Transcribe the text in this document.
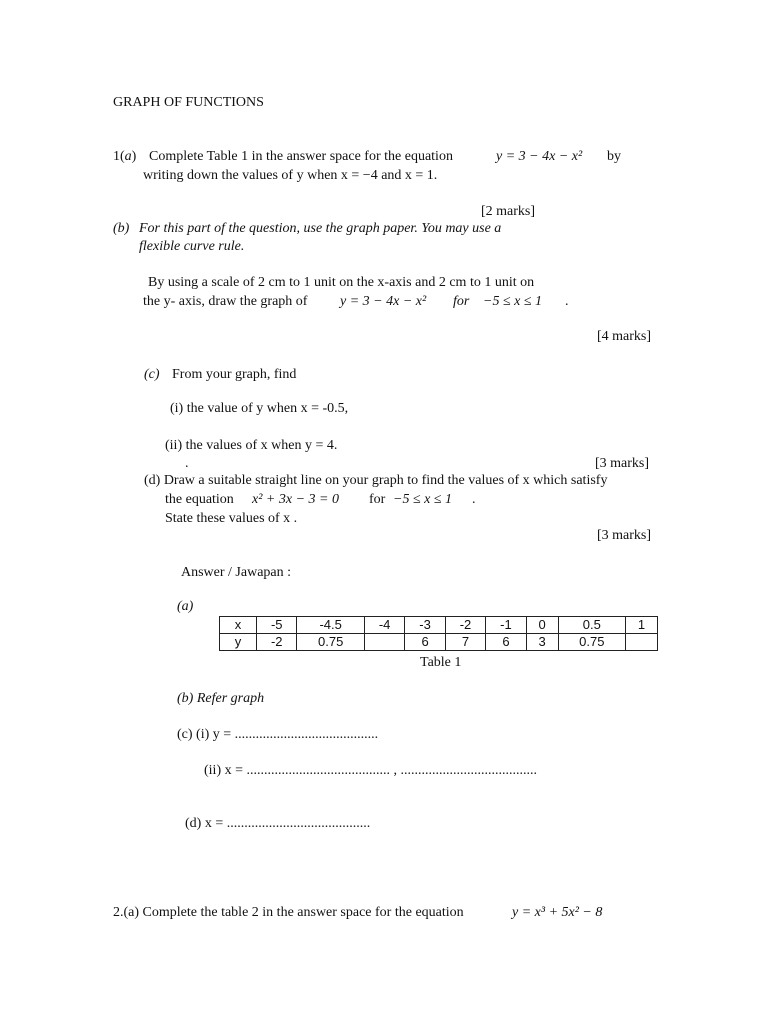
GRAPH OF FUNCTIONS
1(a) Complete Table 1 in the answer space for the equation	y = 3 − 4x − x² by
writing down the values of y when x = −4 and x = 1.
[2 marks]
(b) For this part of the question, use the graph paper. You may use a
flexible curve rule.
By using a scale of 2 cm to 1 unit on the x-axis and 2 cm to 1 unit on
the y- axis, draw the graph of y = 3 − 4x − x² for −5 ≤ x ≤ 1 .
[4 marks]
(c) From your graph, find
(i) the value of y when x = -0.5,
(ii) the values of x when y = 4.
.	[3 marks]
(d) Draw a suitable straight line on your graph to find the values of x which satisfy
the equation x² + 3x − 3 = 0 for −5 ≤ x ≤ 1 .
State these values of x .
[3 marks]
Answer / Jawapan :
(a)
x	-5	-4.5	-4	-3	-2	-1	0	0.5	1
y	-2	0.75		6	7	6	3	0.75	
Table 1
(b) Refer graph
(c) (i) y = .........................................
(ii) x = ......................................... , .......................................
(d) x = .........................................
2.(a) Complete the table 2 in the answer space for the equation	y = x³ + 5x² − 8
